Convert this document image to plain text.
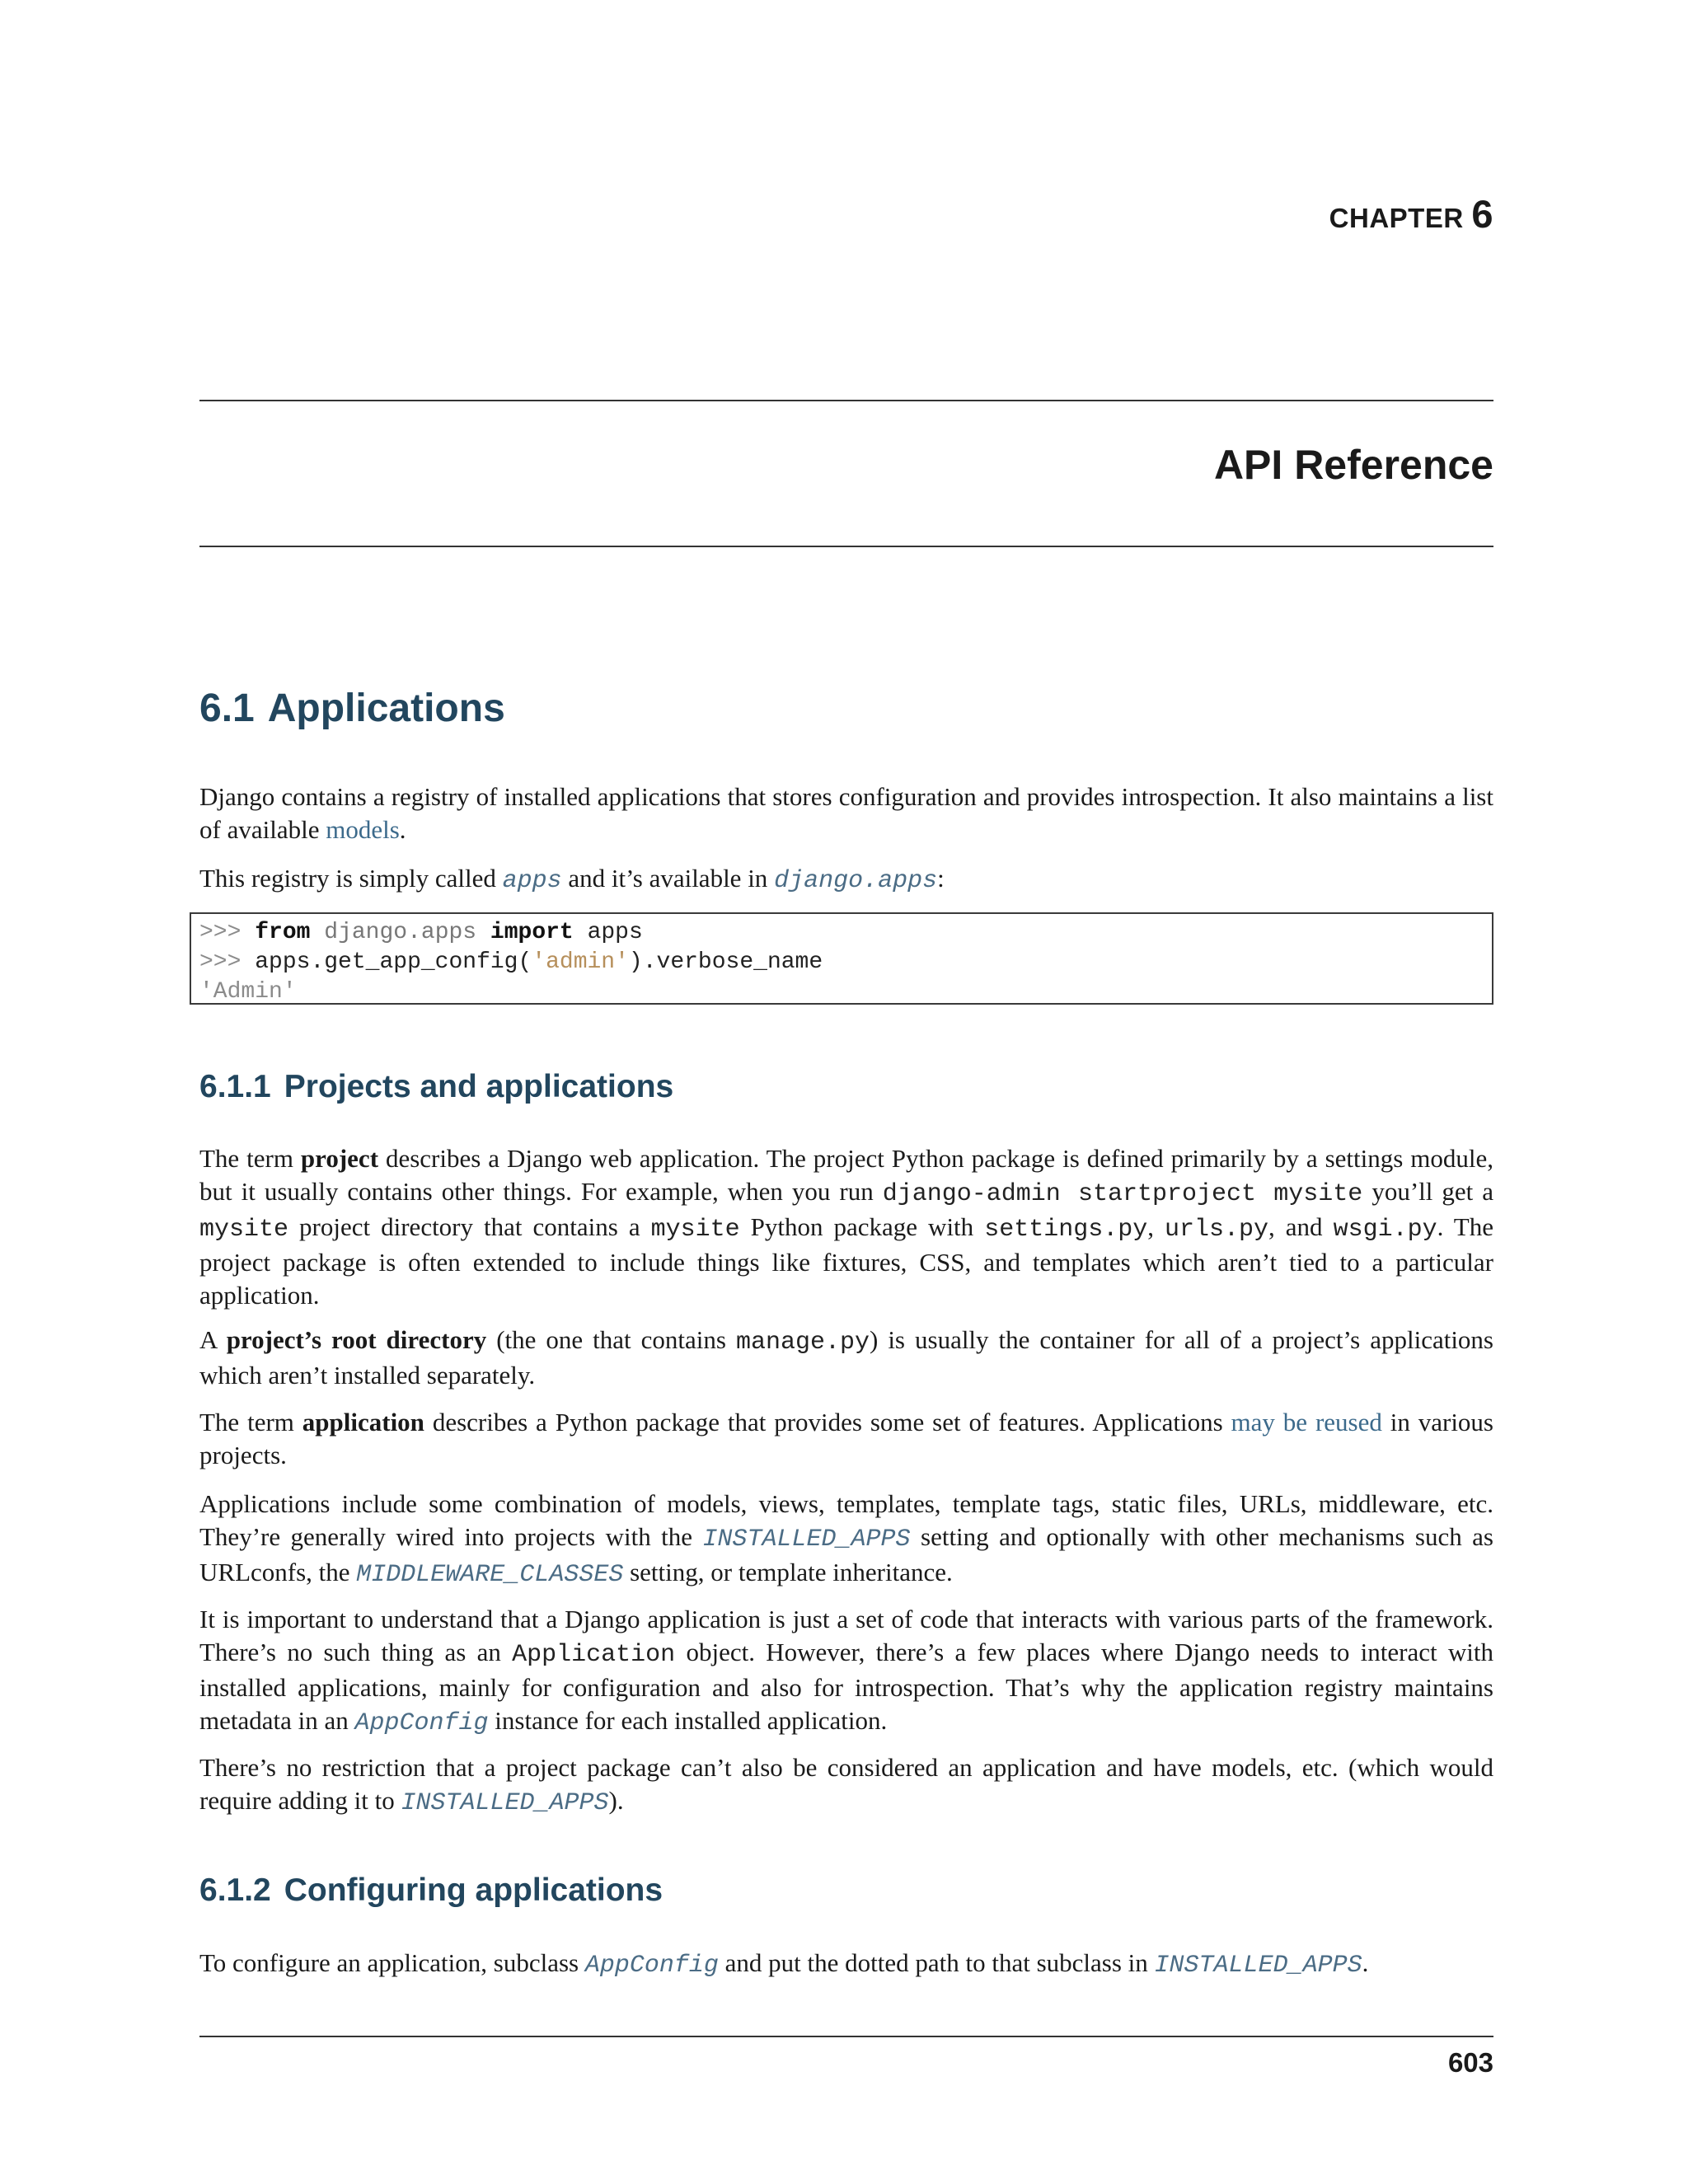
CHAPTER 6
API Reference
6.1 Applications

Django contains a registry of installed applications that stores configuration and provides introspection. It also maintains a list of available models.

This registry is simply called apps and it’s available in django.apps:

>>> from django.apps import apps
>>> apps.get_app_config('admin').verbose_name
'Admin'
6.1.1 Projects and applications

The term project describes a Django web application. The project Python package is defined primarily by a settings module, but it usually contains other things. For example, when you run django-admin startproject mysite you’ll get a mysite project directory that contains a mysite Python package with settings.py, urls.py, and wsgi.py. The project package is often extended to include things like fixtures, CSS, and templates which aren’t tied to a particular application.

A project’s root directory (the one that contains manage.py) is usually the container for all of a project’s applications which aren’t installed separately.

The term application describes a Python package that provides some set of features. Applications may be reused in various projects.

Applications include some combination of models, views, templates, template tags, static files, URLs, middleware, etc. They’re generally wired into projects with the INSTALLED_APPS setting and optionally with other mechanisms such as URLconfs, the MIDDLEWARE_CLASSES setting, or template inheritance.

It is important to understand that a Django application is just a set of code that interacts with various parts of the framework. There’s no such thing as an Application object. However, there’s a few places where Django needs to interact with installed applications, mainly for configuration and also for introspection. That’s why the application registry maintains metadata in an AppConfig instance for each installed application.

There’s no restriction that a project package can’t also be considered an application and have models, etc. (which would require adding it to INSTALLED_APPS).

6.1.2 Configuring applications

To configure an application, subclass AppConfig and put the dotted path to that subclass in INSTALLED_APPS.

603
